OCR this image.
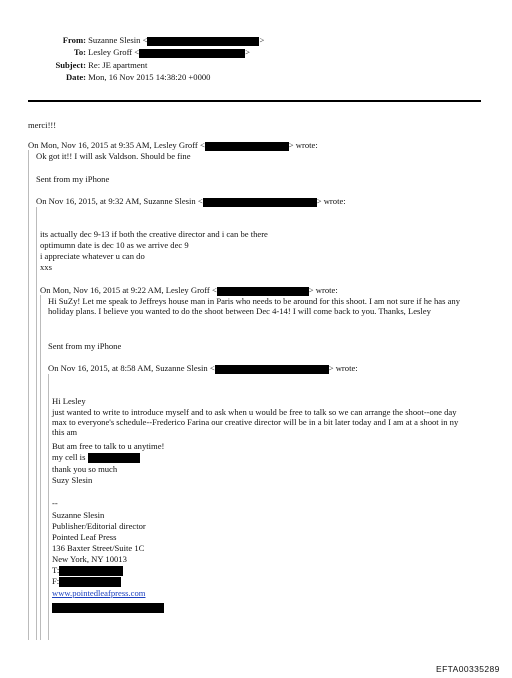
From: Suzanne Slesin <	>
To: Lesley Groff <	>
Subject: Re: JE apartment
Date: Mon, 16 Nov 2015 14:38:20 +0000
merci!!!
On Mon, Nov 16, 2015 at 9:35 AM, Lesley Groff <	> wrote:
Ok got it!! I will ask Valdson. Should be fine
Sent from my iPhone
On Nov 16, 2015, at 9:32 AM, Suzanne Slesin <	> wrote:
its actually dec 9-13 if both the creative director and i can be there
optimumn date is dec 10 as we arrive dec 9
i appreciate whatever u can do
xxs
On Mon, Nov 16, 2015 at 9:22 AM, Lesley Groff <	> wrote:
Hi SuZy! Let me speak to Jeffreys house man in Paris who needs to be around for this shoot. I am not sure if he has any holiday plans. I believe you wanted to do the shoot between Dec 4-14! I will come back to you. Thanks, Lesley
Sent from my iPhone
On Nov 16, 2015, at 8:58 AM, Suzanne Slesin <	> wrote:
Hi Lesley
just wanted to write to introduce myself and to ask when u would be free to talk so we can arrange the shoot--one day max to everyone's schedule--Frederico Farina our creative director will be in a bit later today and I am at a shoot in ny this am
But am free to talk to u anytime!
my cell is
thank you so much
Suzy Slesin
--
Suzanne Slesin
Publisher/Editorial director
Pointed Leaf Press
136 Baxter Street/Suite 1C
New York, NY 10013
T:
F:
www.pointedleafpress.com
EFTA00335289
